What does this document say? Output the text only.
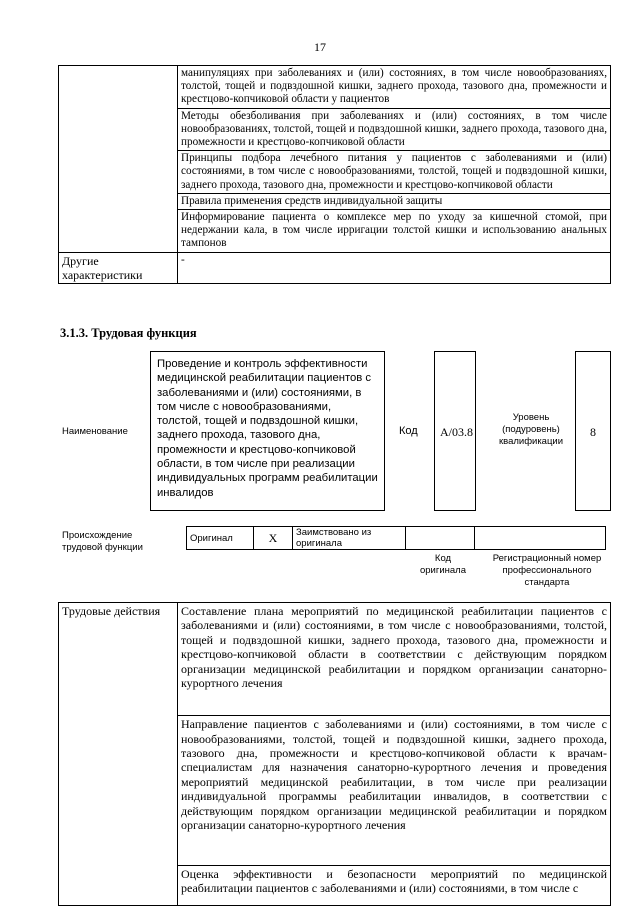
17
	манипуляциях при заболеваниях и (или) состояниях, в том числе новообразованиях, толстой, тощей и подвздошной кишки, заднего прохода, тазового дна, промежности и крестцово-копчиковой области у пациентов
	Методы обезболивания при заболеваниях и (или) состояниях, в том числе новообразованиях, толстой, тощей и подвздошной кишки, заднего прохода, тазового дна, промежности и крестцово-копчиковой области
	Принципы подбора лечебного питания у пациентов с заболеваниями и (или) состояниями, в том числе с новообразованиями, толстой, тощей и подвздошной кишки, заднего прохода, тазового дна, промежности и крестцово-копчиковой области
	Правила применения средств индивидуальной защиты
	Информирование пациента о комплексе мер по уходу за кишечной стомой, при недержании кала, в том числе ирригации толстой кишки и использованию анальных тампонов
Другие характеристики	-
3.1.3. Трудовая функция
Наименование
Проведение и контроль эффективности медицинской реабилитации пациентов с заболеваниями и (или) состояниями, в том числе с новообразованиями, толстой, тощей и подвздошной кишки, заднего прохода, тазового дна, промежности и крестцово-копчиковой области, в том числе при реализации индивидуальных программ реабилитации инвалидов
Код А/03.8
Уровень (подуровень) квалификации
8
Происхождение трудовой функции
Оригинал	X	Заимствовано из оригинала		
Код оригинала
Регистрационный номер профессионального стандарта
Трудовые действия	Составление плана мероприятий по медицинской реабилитации пациентов с заболеваниями и (или) состояниями, в том числе с новообразованиями, толстой, тощей и подвздошной кишки, заднего прохода, тазового дна, промежности и крестцово-копчиковой области в соответствии с действующим порядком организации медицинской реабилитации и порядком организации санаторно-курортного лечения
Направление пациентов с заболеваниями и (или) состояниями, в том числе с новообразованиями, толстой, тощей и подвздошной кишки, заднего прохода, тазового дна, промежности и крестцово-копчиковой области к врачам-специалистам для назначения санаторно-курортного лечения и проведения мероприятий медицинской реабилитации, в том числе при реализации индивидуальной программы реабилитации инвалидов, в соответствии с действующим порядком организации медицинской реабилитации и порядком организации санаторно-курортного лечения
Оценка эффективности и безопасности мероприятий по медицинской реабилитации пациентов с заболеваниями и (или) состояниями, в том числе с
